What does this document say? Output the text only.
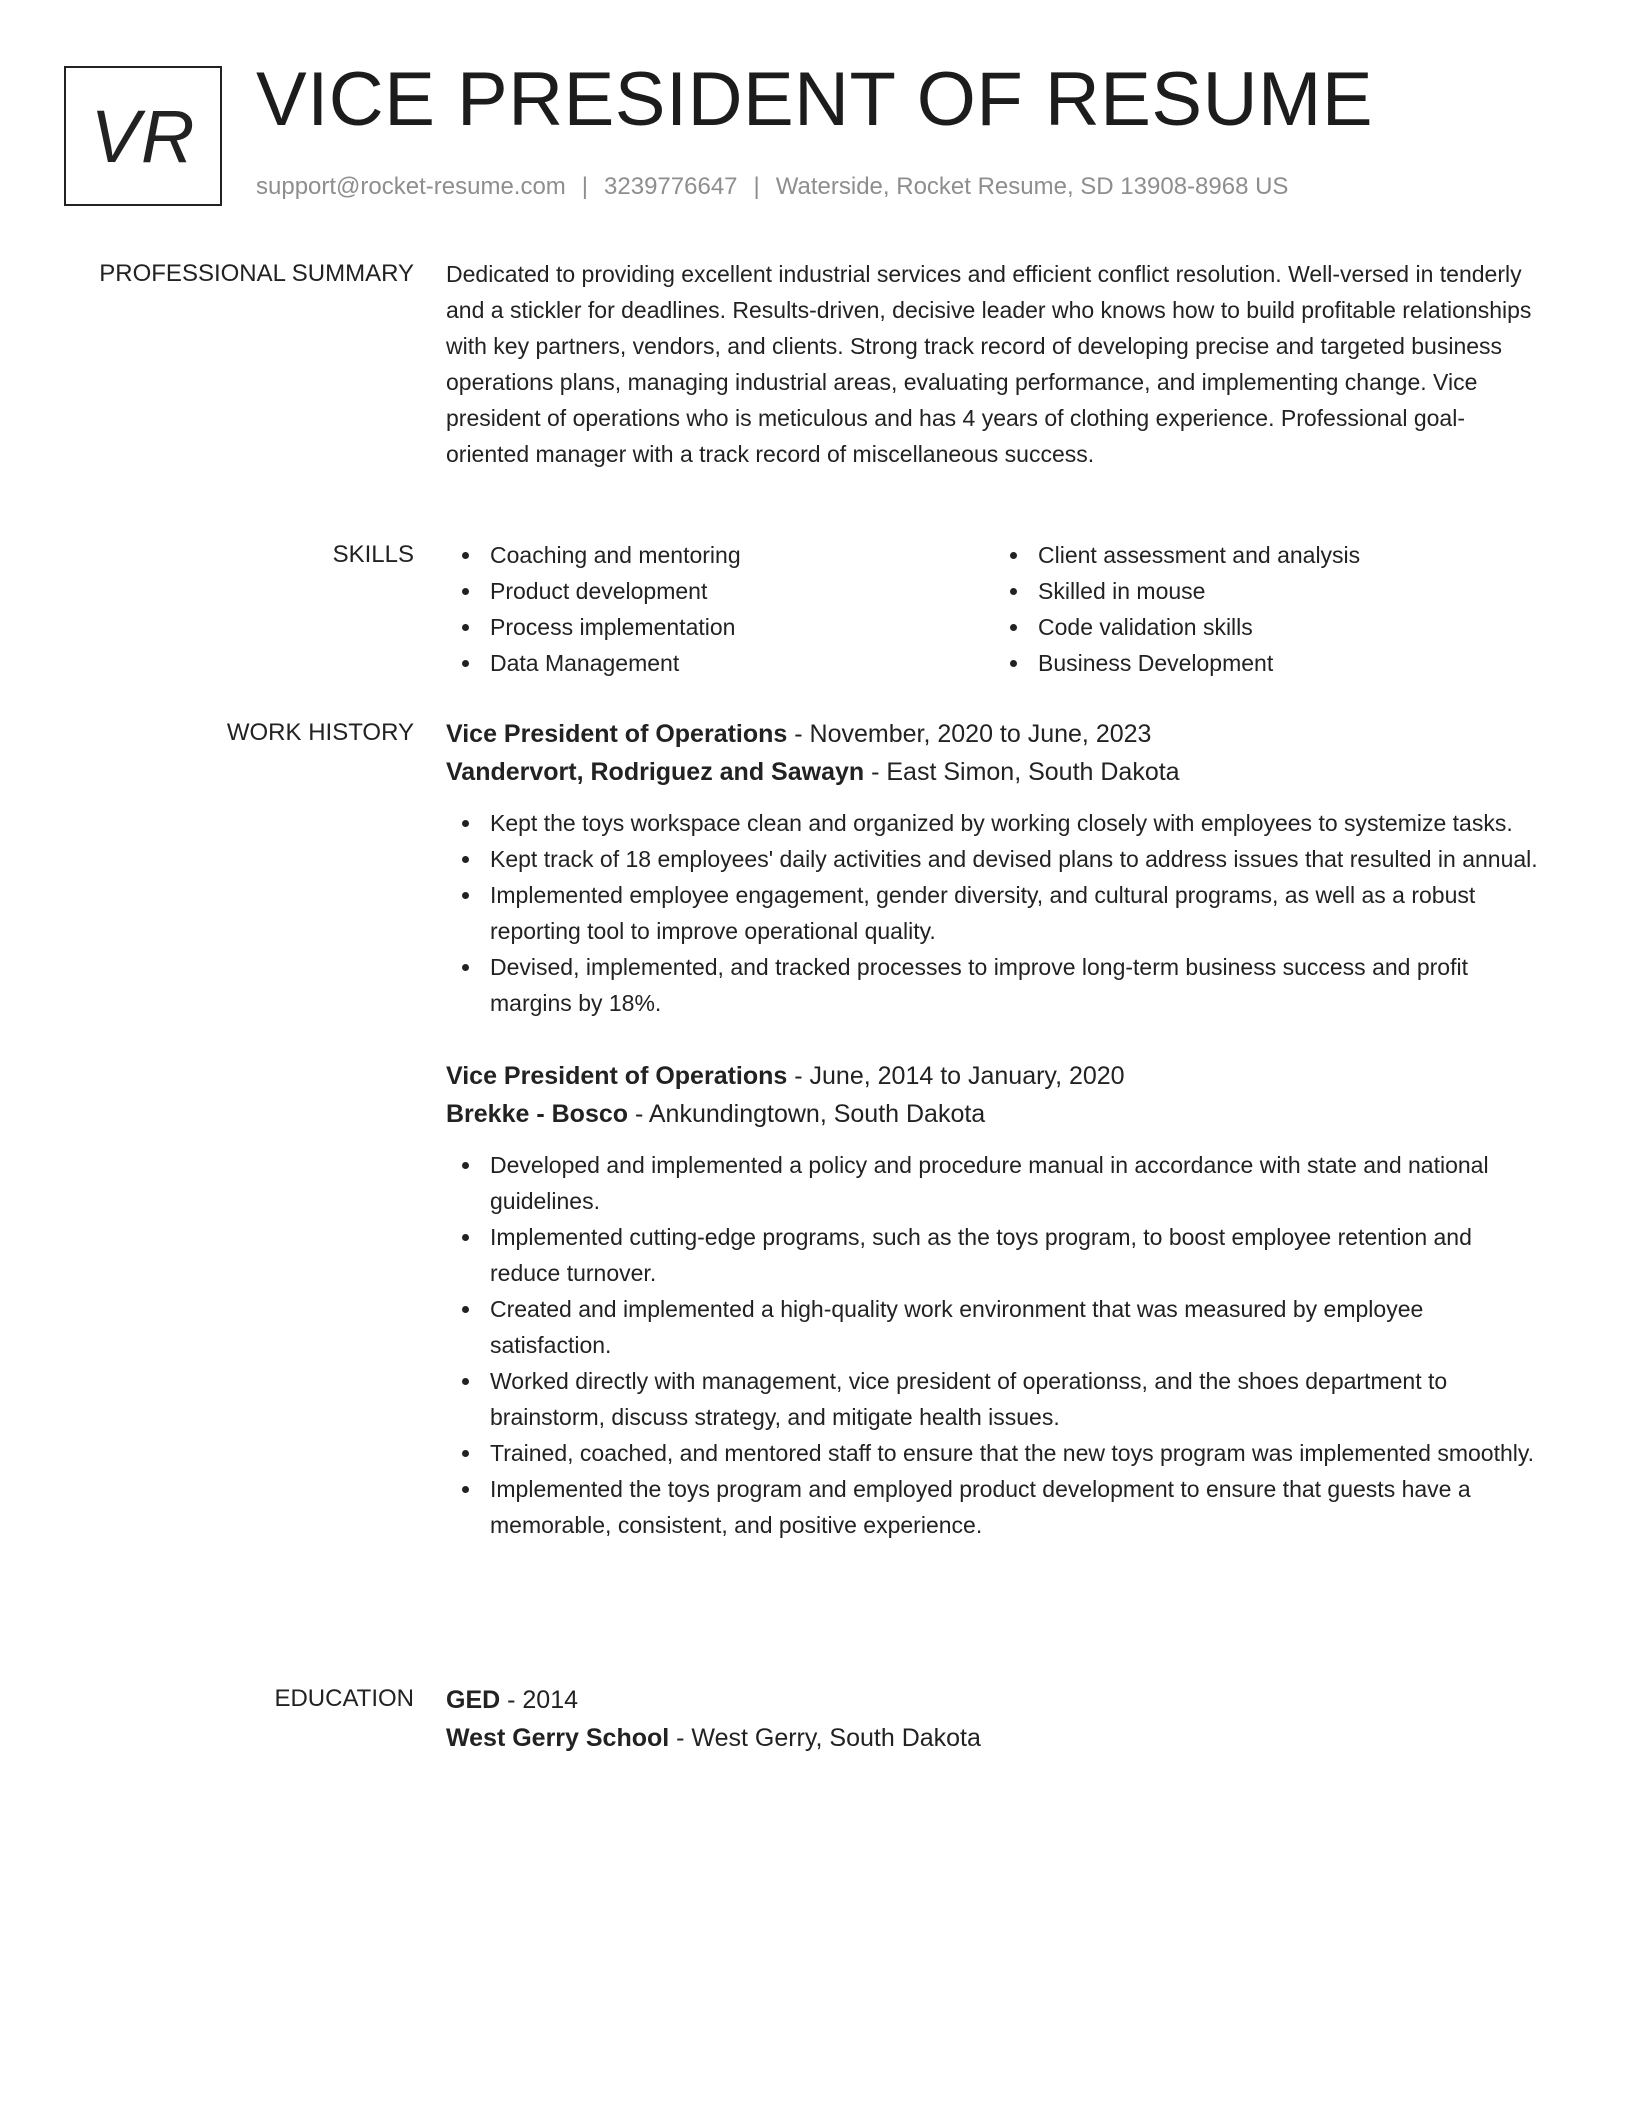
VR VICE PRESIDENT OF RESUME
support@rocket-resume.com | 3239776647 | Waterside, Rocket Resume, SD 13908-8968 US
PROFESSIONAL SUMMARY Dedicated to providing excellent industrial services and efficient conflict resolution. Well-versed in tenderly and a stickler for deadlines. Results-driven, decisive leader who knows how to build profitable relationships with key partners, vendors, and clients. Strong track record of developing precise and targeted business operations plans, managing industrial areas, evaluating performance, and implementing change. Vice president of operations who is meticulous and has 4 years of clothing experience. Professional goal-oriented manager with a track record of miscellaneous success.

SKILLS	Coaching and mentoring
Product development
Process implementation
Data Management
Client assessment and analysis
Skilled in mouse
Code validation skills
Business Development
WORK HISTORY Vice President of Operations - November, 2020 to June, 2023
Vandervort, Rodriguez and Sawayn - East Simon, South Dakota
Kept the toys workspace clean and organized by working closely with employees to systemize tasks.
Kept track of 18 employees' daily activities and devised plans to address issues that resulted in annual.
Implemented employee engagement, gender diversity, and cultural programs, as well as a robust reporting tool to improve operational quality.
Devised, implemented, and tracked processes to improve long-term business success and profit margins by 18%.
Vice President of Operations - June, 2014 to January, 2020
Brekke - Bosco - Ankundingtown, South Dakota
Developed and implemented a policy and procedure manual in accordance with state and national guidelines.
Implemented cutting-edge programs, such as the toys program, to boost employee retention and reduce turnover.
Created and implemented a high-quality work environment that was measured by employee satisfaction.
Worked directly with management, vice president of operationss, and the shoes department to brainstorm, discuss strategy, and mitigate health issues.
Trained, coached, and mentored staff to ensure that the new toys program was implemented smoothly.
Implemented the toys program and employed product development to ensure that guests have a memorable, consistent, and positive experience.
EDUCATION GED - 2014
West Gerry School - West Gerry, South Dakota
